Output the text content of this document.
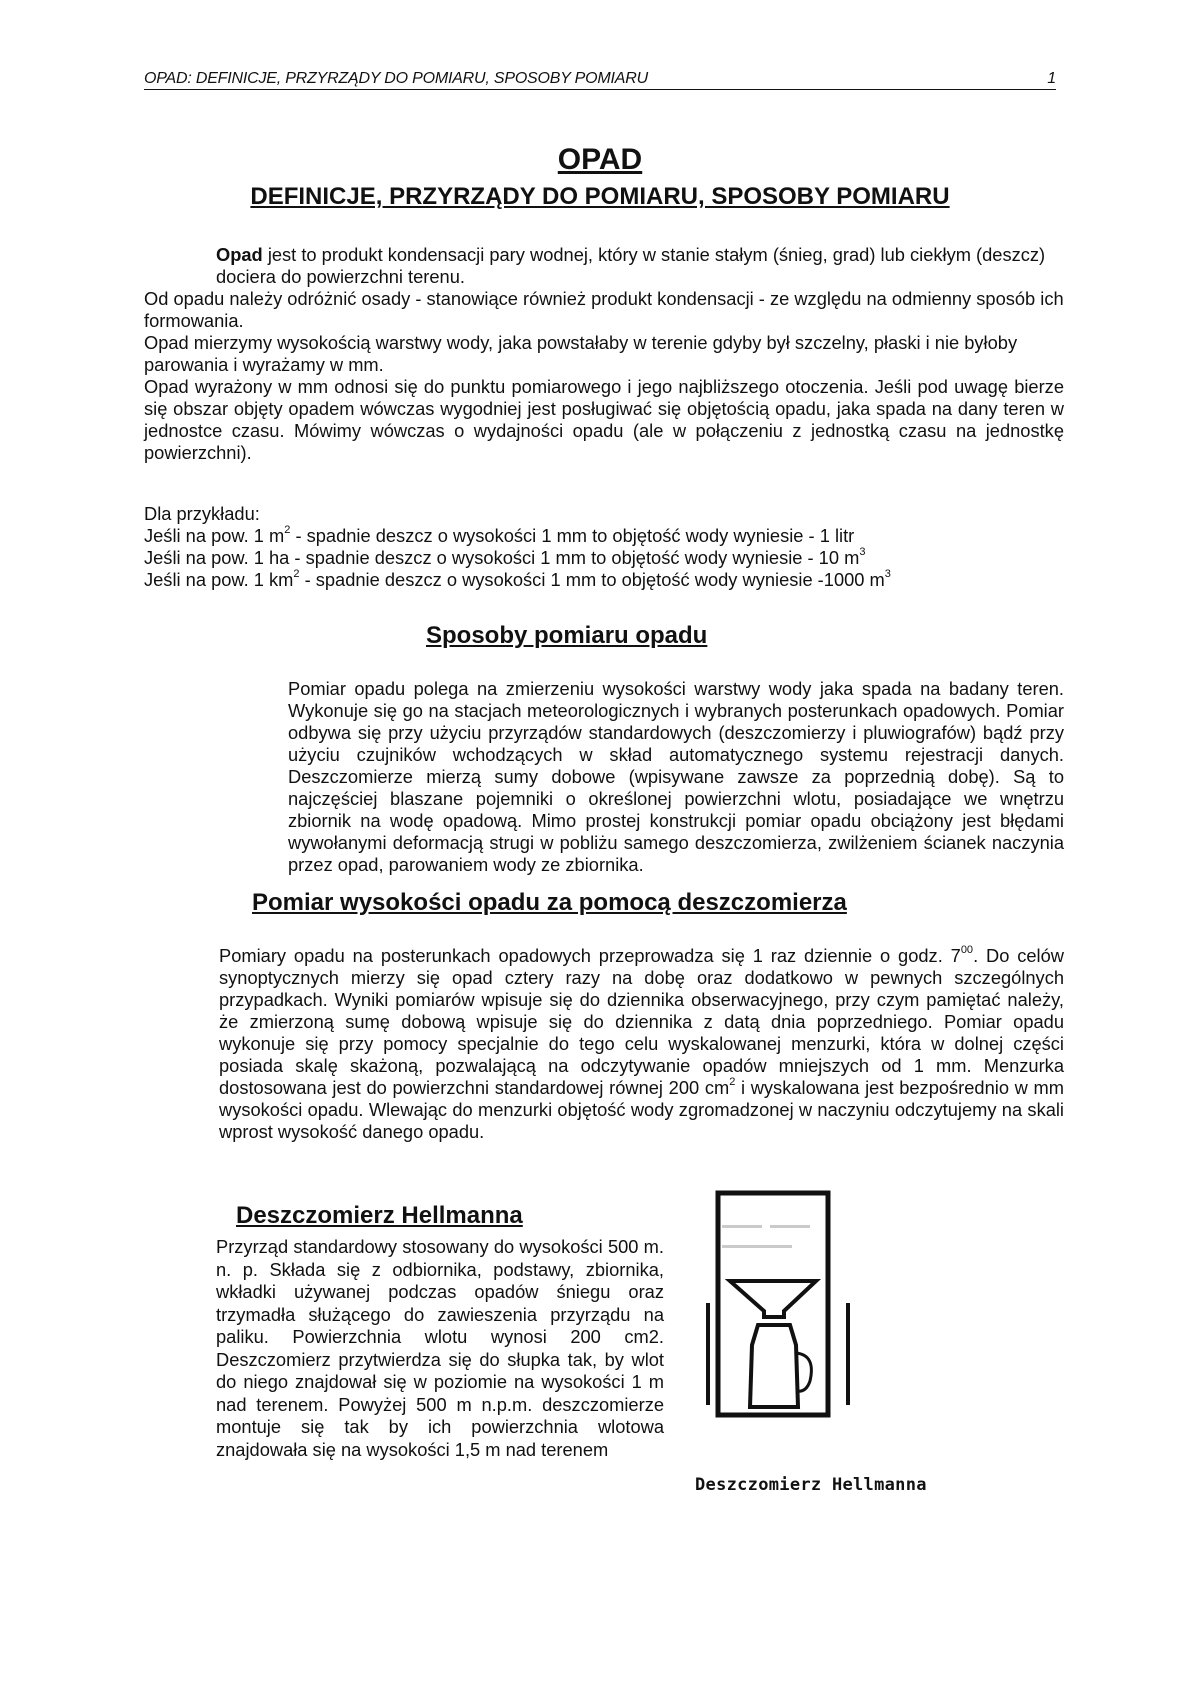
OPAD: DEFINICJE, PRZYRZĄDY DO POMIARU, SPOSOBY POMIARU	1
OPAD
DEFINICJE, PRZYRZĄDY DO POMIARU, SPOSOBY POMIARU

Opad jest to produkt kondensacji pary wodnej, który w stanie stałym (śnieg, grad) lub ciekłym (deszcz) dociera do powierzchni terenu.

Od opadu należy odróżnić osady - stanowiące również produkt kondensacji - ze względu na odmienny sposób ich formowania.

Opad mierzymy wysokością warstwy wody, jaka powstałaby w terenie gdyby był szczelny, płaski i nie byłoby parowania i wyrażamy w mm.

Opad wyrażony w mm odnosi się do punktu pomiarowego i jego najbliższego otoczenia. Jeśli pod uwagę bierze się obszar objęty opadem wówczas wygodniej jest posługiwać się objętością opadu, jaka spada na dany teren w jednostce czasu. Mówimy wówczas o wydajności opadu (ale w połączeniu z jednostką czasu na jednostkę powierzchni).

Dla przykładu:

Jeśli na pow. 1 $m^2$ - spadnie deszcz o wysokości 1 mm to objętość wody wyniesie - 1 litr

Jeśli na pow. 1 ha - spadnie deszcz o wysokości 1 mm to objętość wody wyniesie - 10 $m^3$

Jeśli na pow. 1 $km^2$ - spadnie deszcz o wysokości 1 mm to objętość wody wyniesie -1000 $m^3$

Sposoby pomiaru opadu

Pomiar opadu polega na zmierzeniu wysokości warstwy wody jaka spada na badany teren. Wykonuje się go na stacjach meteorologicznych i wybranych posterunkach opadowych. Pomiar odbywa się przy użyciu przyrządów standardowych (deszczomierzy i pluwiografów) bądź przy użyciu czujników wchodzących w skład automatycznego systemu rejestracji danych. Deszczomierze mierzą sumy dobowe (wpisywane zawsze za poprzednią dobę). Są to najczęściej blaszane pojemniki o określonej powierzchni wlotu, posiadające we wnętrzu zbiornik na wodę opadową. Mimo prostej konstrukcji pomiar opadu obciążony jest błędami wywołanymi deformacją strugi w pobliżu samego deszczomierza, zwilżeniem ścianek naczynia przez opad, parowaniem wody ze zbiornika.

Pomiar wysokości opadu za pomocą deszczomierza

Pomiary opadu na posterunkach opadowych przeprowadza się 1 raz dziennie o godz. $7^{00}$. Do celów synoptycznych mierzy się opad cztery razy na dobę oraz dodatkowo w pewnych szczególnych przypadkach. Wyniki pomiarów wpisuje się do dziennika obserwacyjnego, przy czym pamiętać należy, że zmierzoną sumę dobową wpisuje się do dziennika z datą dnia poprzedniego. Pomiar opadu wykonuje się przy pomocy specjalnie do tego celu wyskalowanej menzurki, która w dolnej części posiada skalę skażoną, pozwalającą na odczytywanie opadów mniejszych od 1 mm. Menzurka dostosowana jest do powierzchni standardowej równej 200 $cm^2$ i wyskalowana jest bezpośrednio w mm wysokości opadu. Wlewając do menzurki objętość wody zgromadzonej w naczyniu odczytujemy na skali wprost wysokość danego opadu.

Deszczomierz Hellmanna

Przyrząd standardowy stosowany do wysokości 500 m. n. p. Składa się z odbiornika, podstawy, zbiornika, wkładki używanej podczas opadów śniegu oraz trzymadła służącego do zawieszenia przyrządu na paliku. Powierzchnia wlotu wynosi 200 cm2. Deszczomierz przytwierdza się do słupka tak, by wlot do niego znajdował się w poziomie na wysokości 1 m nad terenem. Powyżej 500 m n.p.m. deszczomierze montuje się tak by ich powierzchnia wlotowa znajdowała się na wysokości 1,5 m nad terenem

Deszczomierz Hellmanna
